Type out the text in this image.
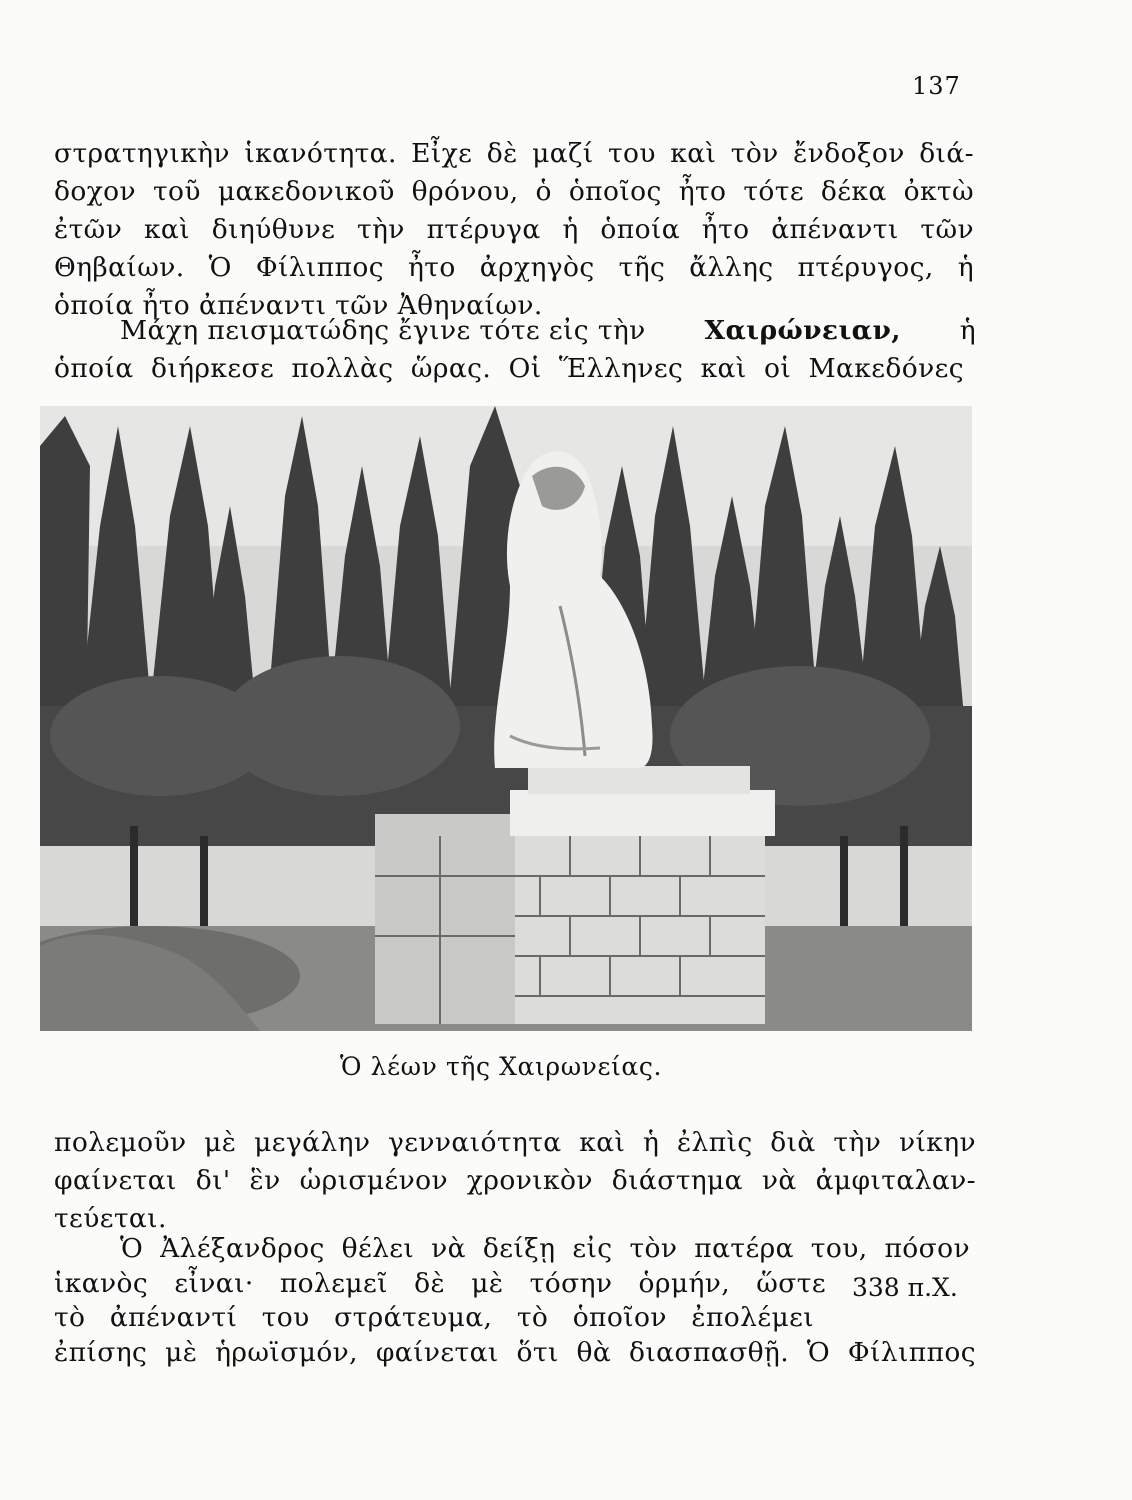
137
στρατηγικὴν ἱκανότητα. Εἶχε δὲ μαζί του καὶ τὸν ἔνδοξον διά-
δοχον τοῦ μακεδονικοῦ θρόνου, ὁ ὁποῖος ἦτο τότε δέκα ὀκτὼ
ἐτῶν καὶ διηύθυνε τὴν πτέρυγα ἡ ὁποία ἦτο ἀπέναντι τῶν
Θηβαίων. Ὁ Φίλιππος ἦτο ἀρχηγὸς τῆς ἄλλης πτέρυγος, ἡ
ὁποία ἦτο ἀπέναντι τῶν Ἀθηναίων.
Μάχη πεισματώδης ἔγινε τότε εἰς τὴν Χαιρώνειαν, ἡ
ὁποία διήρκεσε πολλὰς ὥρας. Οἱ Ἕλληνες καὶ οἱ Μακεδόνες
Ὁ λέων τῆς Χαιρωνείας.
πολεμοῦν μὲ μεγάλην γενναιότητα καὶ ἡ ἐλπὶς διὰ τὴν νίκην
φαίνεται δι' ἓν ὡρισμένον χρονικὸν διάστημα νὰ ἀμφιταλαν-
τεύεται.
Ὁ Ἀλέξανδρος θέλει νὰ δείξῃ εἰς τὸν πατέρα του, πόσον
ἱκανὸς εἶναι· πολεμεῖ δὲ μὲ τόσην ὁρμήν, ὥστε
τὸ ἀπέναντί του στράτευμα, τὸ ὁποῖον ἐπολέμει
ἐπίσης μὲ ἡρωϊσμόν, φαίνεται ὅτι θὰ διασπασθῇ. Ὁ Φίλιππος
338 π.Χ.
